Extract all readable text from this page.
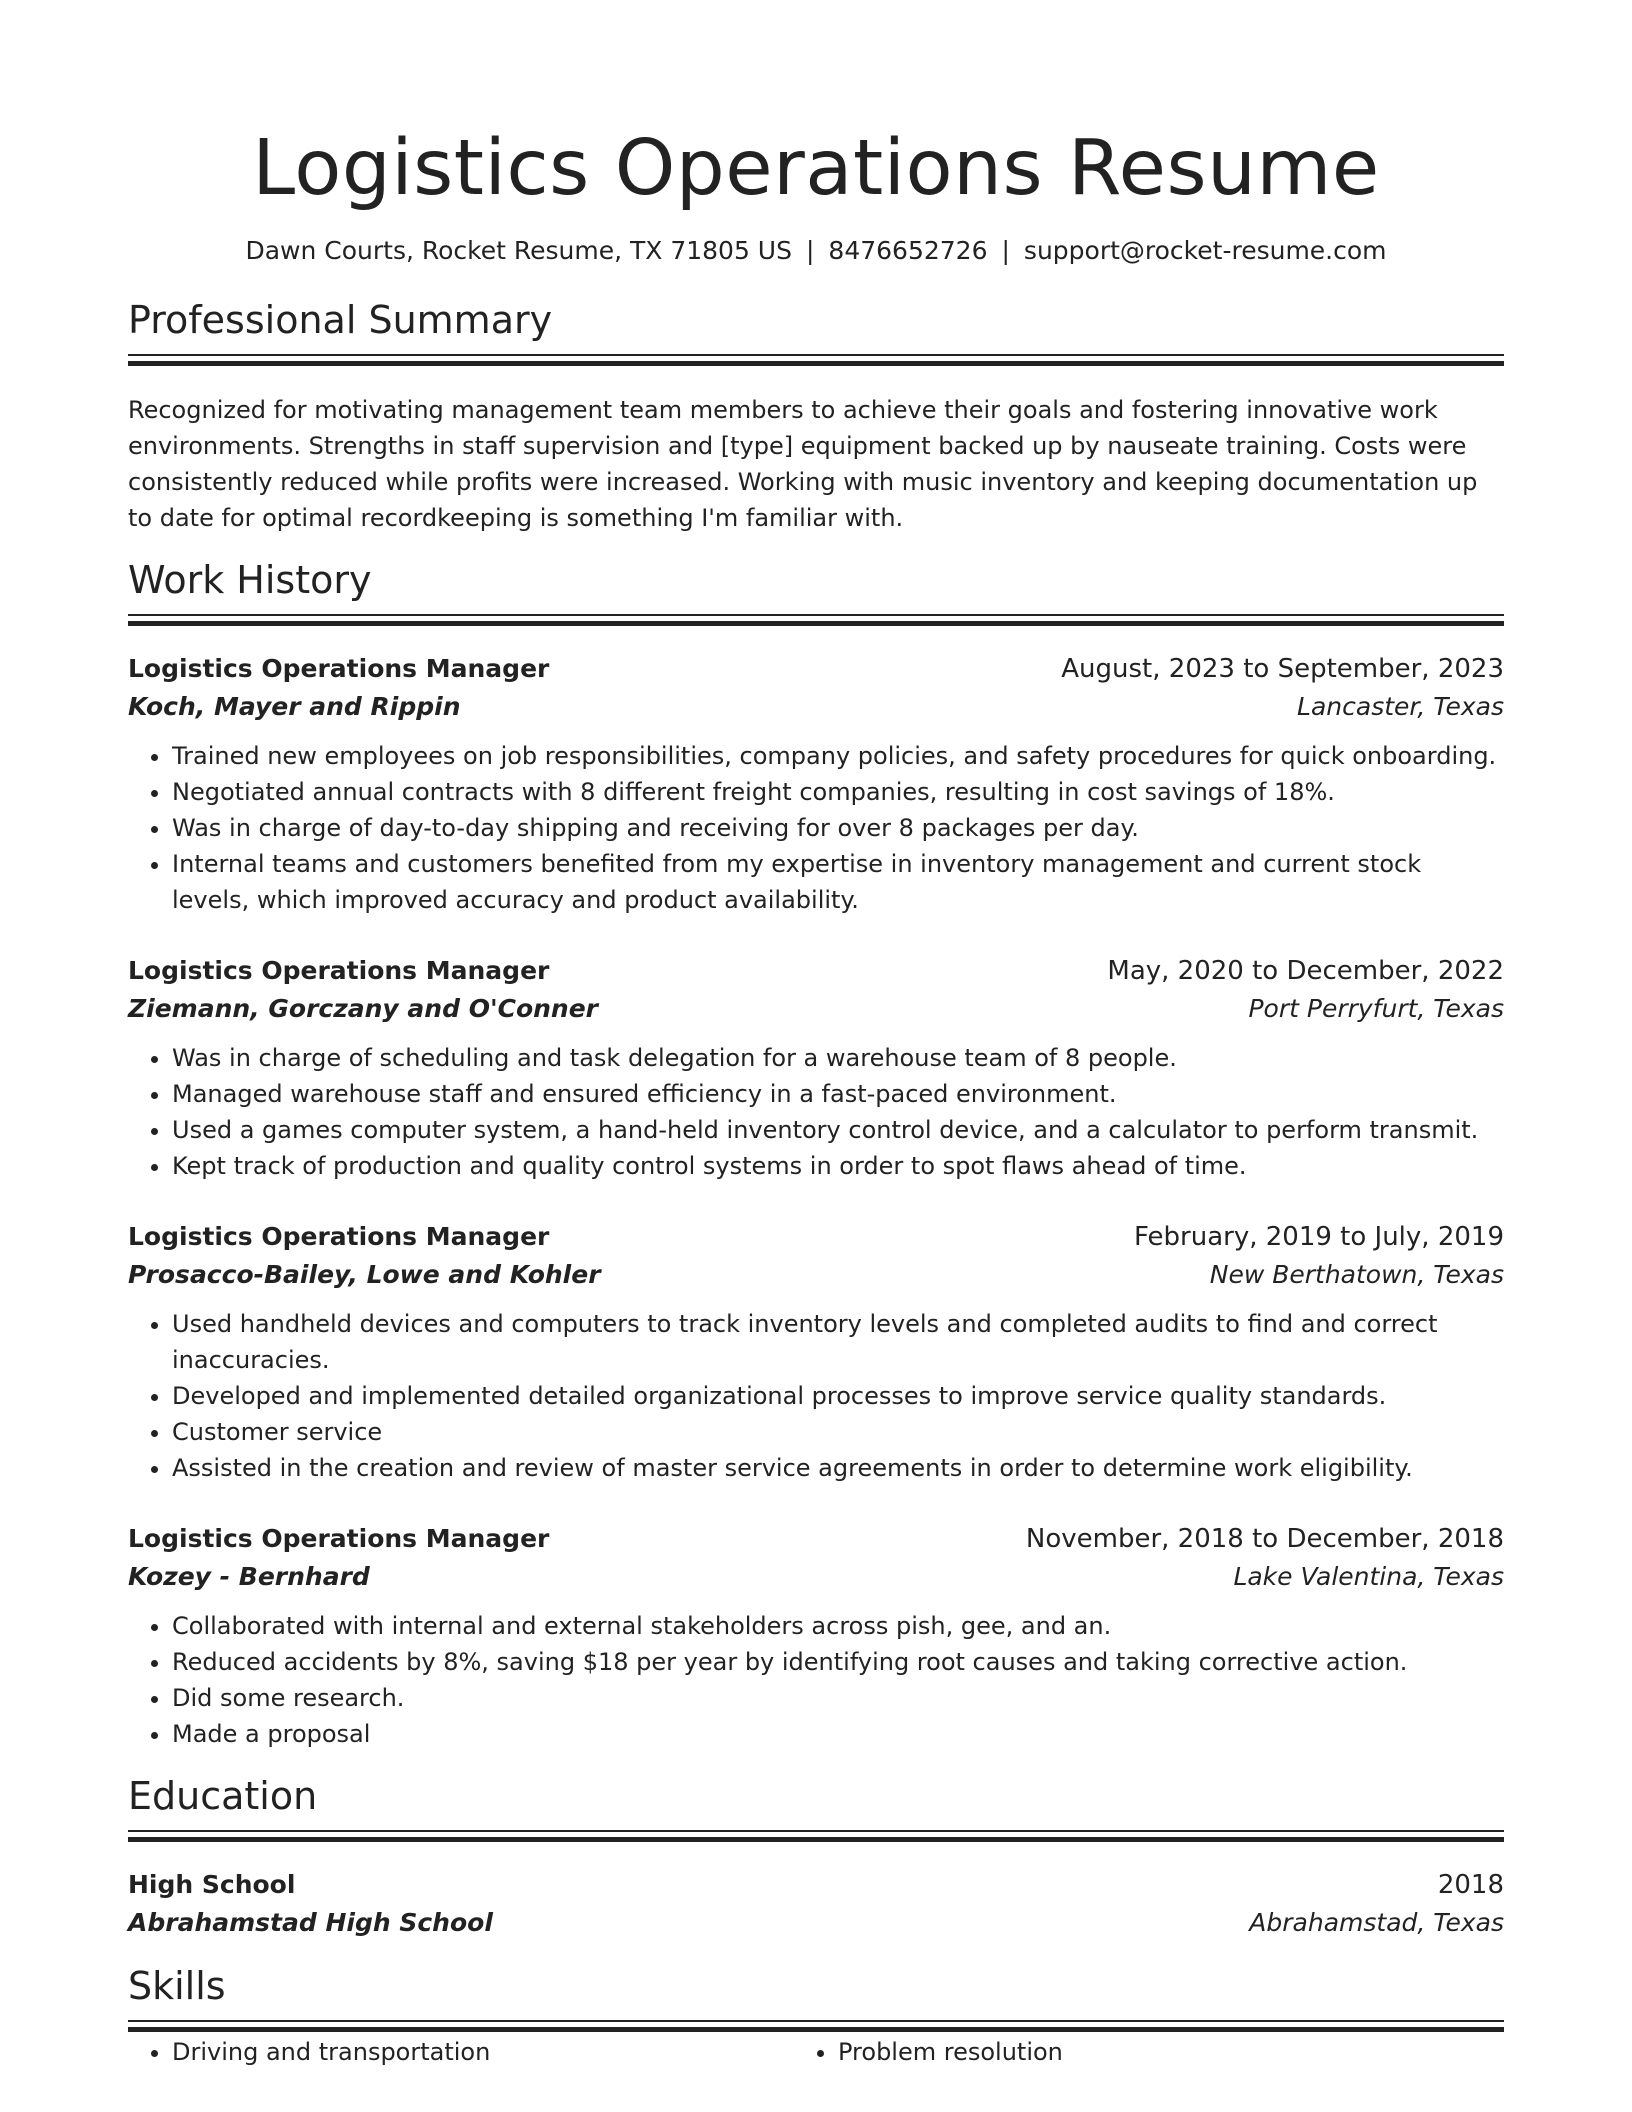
Logistics Operations Resume
Dawn Courts, Rocket Resume, TX 71805 US | 8476652726 | support@rocket-resume.com
Professional Summary

Recognized for motivating management team members to achieve their goals and fostering innovative work environments. Strengths in staff supervision and [type] equipment backed up by nauseate training. Costs were consistently reduced while profits were increased. Working with music inventory and keeping documentation up to date for optimal recordkeeping is something I'm familiar with.

Work History
Logistics Operations Manager	August, 2023 to September, 2023
Koch, Mayer and Rippin	Lancaster, Texas
• Trained new employees on job responsibilities, company policies, and safety procedures for quick onboarding.
• Negotiated annual contracts with 8 different freight companies, resulting in cost savings of 18%.
• Was in charge of day-to-day shipping and receiving for over 8 packages per day.
• Internal teams and customers benefited from my expertise in inventory management and current stock levels, which improved accuracy and product availability.
Logistics Operations Manager	May, 2020 to December, 2022
Ziemann, Gorczany and O'Conner	Port Perryfurt, Texas
• Was in charge of scheduling and task delegation for a warehouse team of 8 people.
• Managed warehouse staff and ensured efficiency in a fast-paced environment.
• Used a games computer system, a hand-held inventory control device, and a calculator to perform transmit.
• Kept track of production and quality control systems in order to spot flaws ahead of time.
Logistics Operations Manager	February, 2019 to July, 2019
Prosacco-Bailey, Lowe and Kohler	New Berthatown, Texas
• Used handheld devices and computers to track inventory levels and completed audits to find and correct inaccuracies.
• Developed and implemented detailed organizational processes to improve service quality standards.
• Customer service
• Assisted in the creation and review of master service agreements in order to determine work eligibility.
Logistics Operations Manager	November, 2018 to December, 2018
Kozey - Bernhard	Lake Valentina, Texas
• Collaborated with internal and external stakeholders across pish, gee, and an.
• Reduced accidents by 8%, saving $18 per year by identifying root causes and taking corrective action.
• Did some research.
• Made a proposal
Education
High School	2018
Abrahamstad High School	Abrahamstad, Texas
Skills
• Driving and transportation
•	Problem resolution
